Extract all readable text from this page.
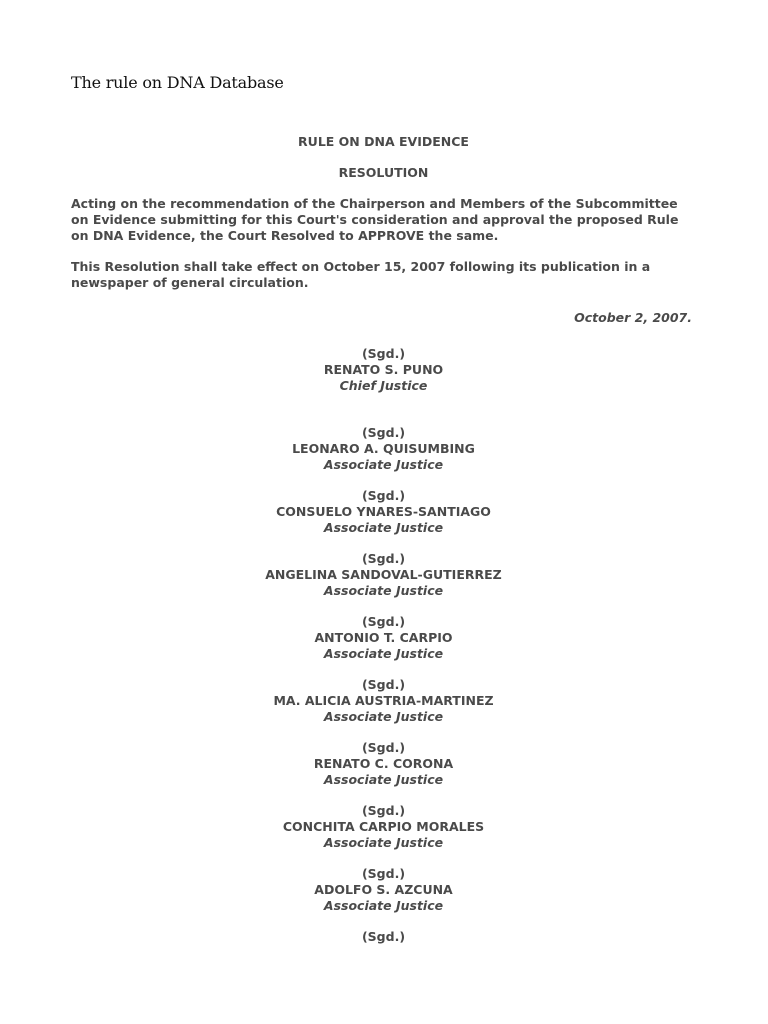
The rule on DNA Database
RULE ON DNA EVIDENCE
RESOLUTION
Acting on the recommendation of the Chairperson and Members of the Subcommittee on Evidence submitting for this Court's consideration and approval the proposed Rule on DNA Evidence, the Court Resolved to APPROVE the same.
This Resolution shall take effect on October 15, 2007 following its publication in a newspaper of general circulation.
October 2, 2007.
(Sgd.)
RENATO S. PUNO
Chief Justice
(Sgd.)
LEONARO A. QUISUMBING
Associate Justice
(Sgd.)
CONSUELO YNARES-SANTIAGO
Associate Justice
(Sgd.)
ANGELINA SANDOVAL-GUTIERREZ
Associate Justice
(Sgd.)
ANTONIO T. CARPIO
Associate Justice
(Sgd.)
MA. ALICIA AUSTRIA-MARTINEZ
Associate Justice
(Sgd.)
RENATO C. CORONA
Associate Justice
(Sgd.)
CONCHITA CARPIO MORALES
Associate Justice
(Sgd.)
ADOLFO S. AZCUNA
Associate Justice
(Sgd.)
